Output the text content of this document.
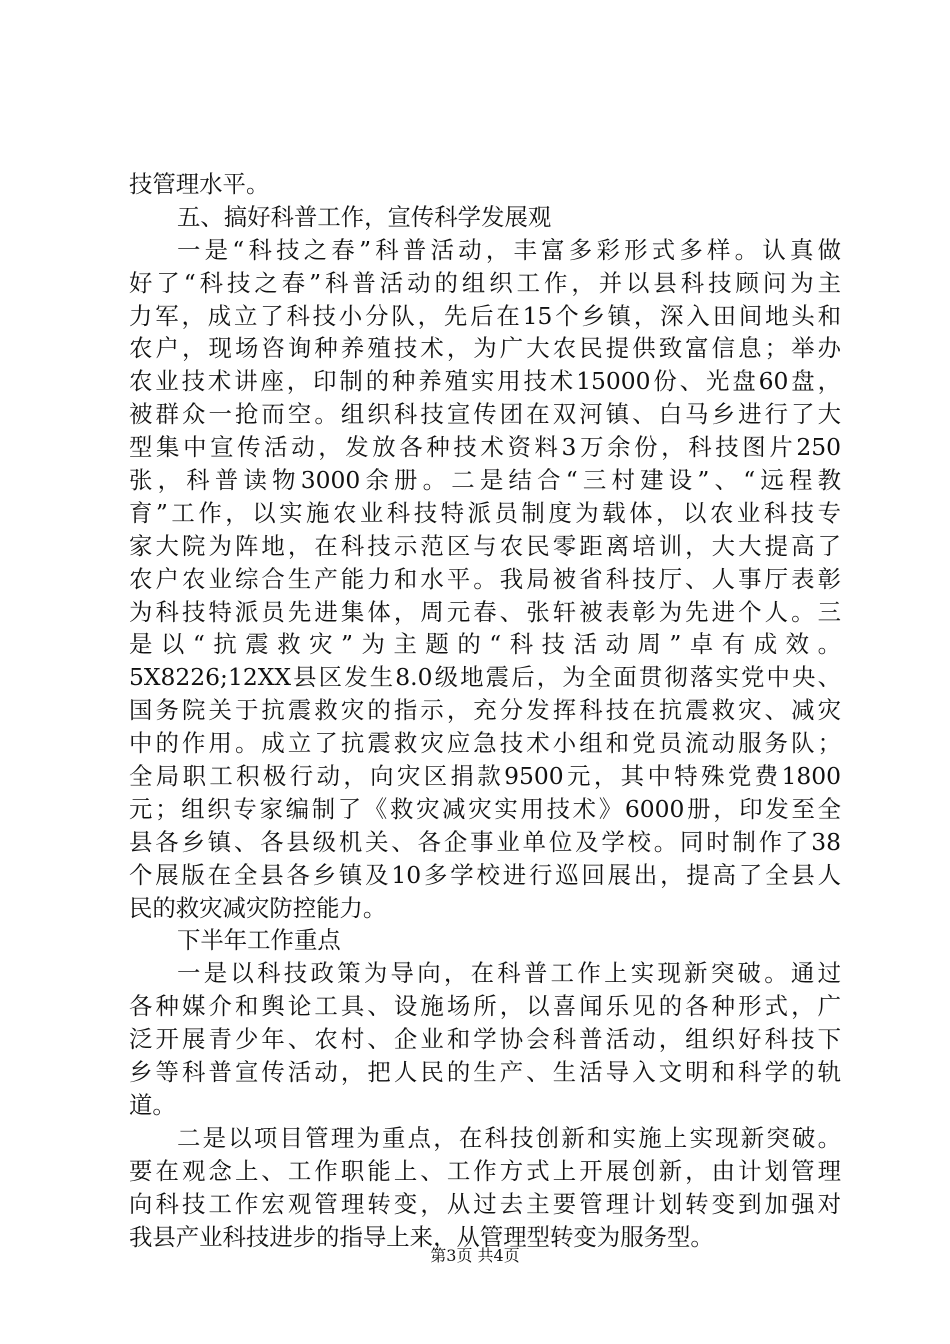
技管理水平。
五、搞好科普工作，宣传科学发展观
一是“科技之春”科普活动，丰富多彩形式多样。认真做
好了“科技之春”科普活动的组织工作，并以县科技顾问为主
力军，成立了科技小分队，先后在15个乡镇，深入田间地头和
农户，现场咨询种养殖技术，为广大农民提供致富信息；举办
农业技术讲座，印制的种养殖实用技术15000份、光盘60盘，
被群众一抢而空。组织科技宣传团在双河镇、白马乡进行了大
型集中宣传活动，发放各种技术资料3万余份，科技图片250
张，科普读物3000余册。二是结合“三村建设”、“远程教
育”工作，以实施农业科技特派员制度为载体，以农业科技专
家大院为阵地，在科技示范区与农民零距离培训，大大提高了
农户农业综合生产能力和水平。我局被省科技厅、人事厅表彰
为科技特派员先进集体，周元春、张轩被表彰为先进个人。三
是以“抗震救灾”为主题的“科技活动周”卓有成效。
5X8226;12XX县区发生8.0级地震后，为全面贯彻落实党中央、
国务院关于抗震救灾的指示，充分发挥科技在抗震救灾、减灾
中的作用。成立了抗震救灾应急技术小组和党员流动服务队；
全局职工积极行动，向灾区捐款9500元，其中特殊党费1800
元；组织专家编制了《救灾减灾实用技术》6000册，印发至全
县各乡镇、各县级机关、各企事业单位及学校。同时制作了38
个展版在全县各乡镇及10多学校进行巡回展出，提高了全县人
民的救灾减灾防控能力。
下半年工作重点
一是以科技政策为导向，在科普工作上实现新突破。通过
各种媒介和舆论工具、设施场所，以喜闻乐见的各种形式，广
泛开展青少年、农村、企业和学协会科普活动，组织好科技下
乡等科普宣传活动，把人民的生产、生活导入文明和科学的轨
道。
二是以项目管理为重点，在科技创新和实施上实现新突破。
要在观念上、工作职能上、工作方式上开展创新，由计划管理
向科技工作宏观管理转变，从过去主要管理计划转变到加强对
我县产业科技进步的指导上来，从管理型转变为服务型。
第3页 共4页
